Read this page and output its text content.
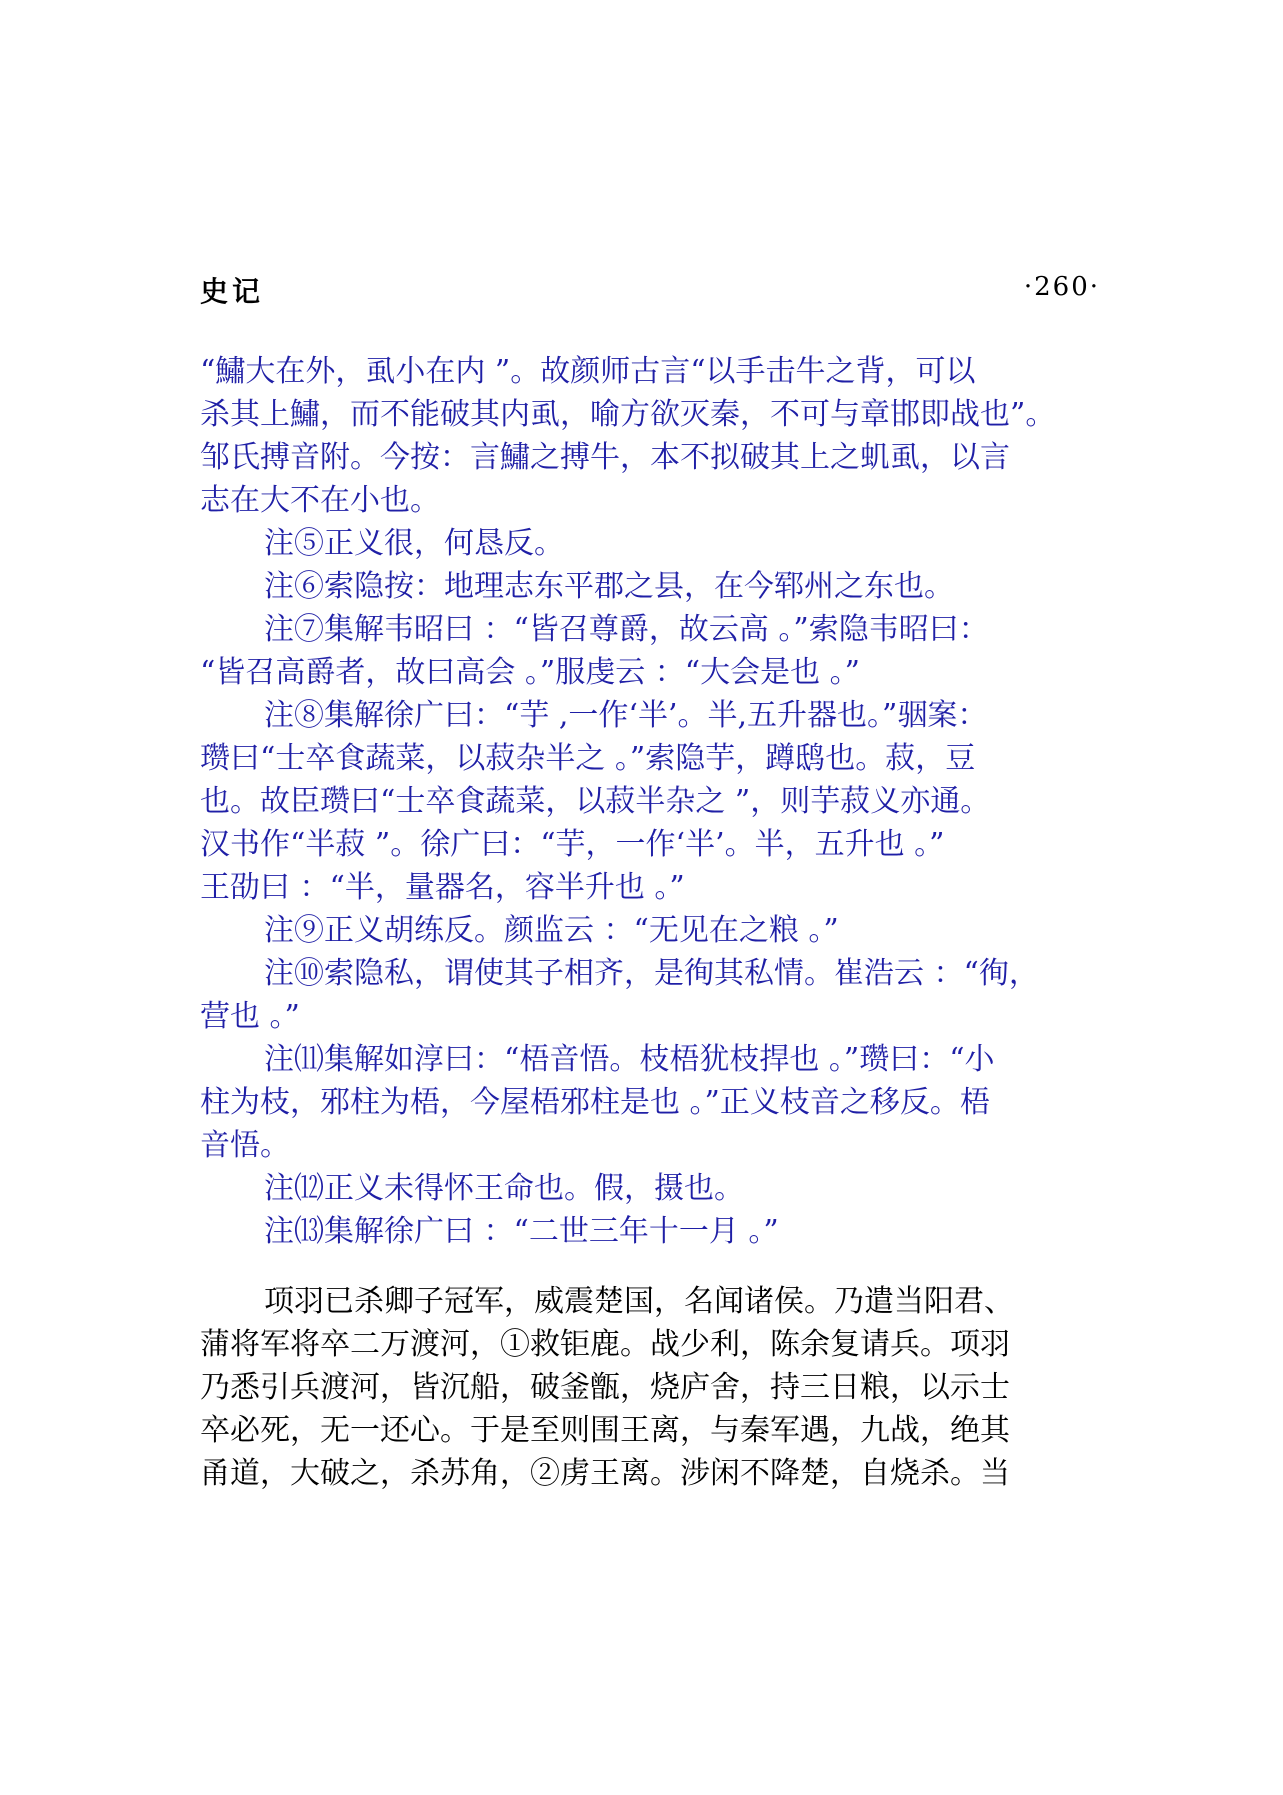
史记	·260·
“鱐大在外，虱小在内 ”。故颜师古言“以手击牛之背，可以
杀其上鱐，而不能破其内虱，喻方欲灭秦，不可与章邯即战也”。
邹氏搏音附。今按：言鱐之搏牛，本不拟破其上之虮虱，以言
志在大不在小也。
注⑤正义很，何恳反。
注⑥索隐按：地理志东平郡之县，在今郓州之东也。
注⑦集解韦昭曰 ：“皆召尊爵，故云高 。”索隐韦昭曰：
“皆召高爵者，故曰高会 。”服虔云 ：“大会是也 。”
注⑧集解徐广曰：“芋 ,一作‘半’。半,五升器也。”骃案：
瓒曰“士卒食蔬菜，以菽杂半之 。”索隐芋，蹲鸱也。菽，豆
也。故臣瓒曰“士卒食蔬菜，以菽半杂之 ”，则芋菽义亦通。
汉书作“半菽 ”。徐广曰：“芋，一作‘半’。半，五升也 。”
王劭曰 ：“半，量器名，容半升也 。”
注⑨正义胡练反。颜监云 ：“无见在之粮 。”
注⑩索隐私，谓使其子相齐，是徇其私情。崔浩云 ：“徇，
营也 。”
注⑾集解如淳曰：“梧音悟。枝梧犹枝捍也 。”瓒曰：“小
柱为枝，邪柱为梧，今屋梧邪柱是也 。”正义枝音之移反。梧
音悟。
注⑿正义未得怀王命也。假，摄也。
注⒀集解徐广曰 ：“二世三年十一月 。”
项羽已杀卿子冠军，威震楚国，名闻诸侯。乃遣当阳君、
蒲将军将卒二万渡河，①救钜鹿。战少利，陈余复请兵。项羽
乃悉引兵渡河，皆沉船，破釜甑，烧庐舍，持三日粮，以示士
卒必死，无一还心。于是至则围王离，与秦军遇，九战，绝其
甬道，大破之，杀苏角，②虏王离。涉闲不降楚，自烧杀。当
